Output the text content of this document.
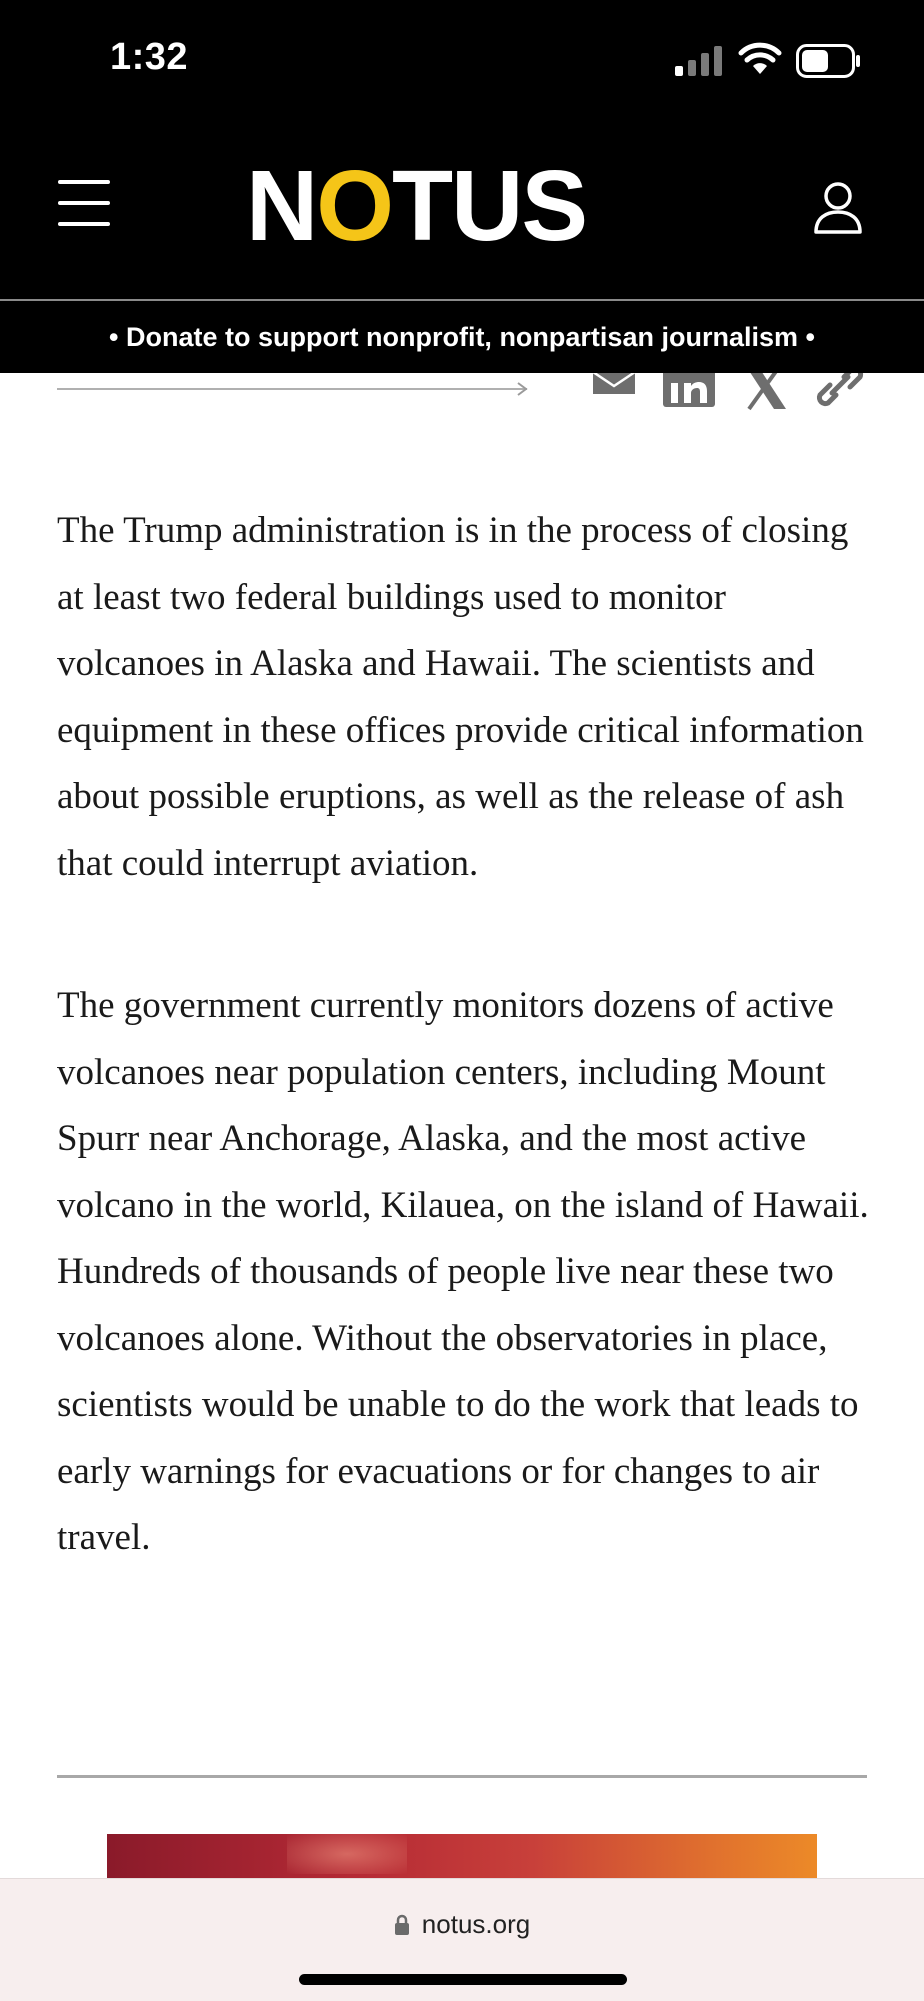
1:32
NOTUS
• Donate to support nonprofit, nonpartisan journalism •

The Trump administration is in the process of closing at least two federal buildings used to monitor volcanoes in Alaska and Hawaii. The scientists and equipment in these offices provide critical information about possible eruptions, as well as the release of ash that could interrupt aviation.

The government currently monitors dozens of active volcanoes near population centers, including Mount Spurr near Anchorage, Alaska, and the most active volcano in the world, Kilauea, on the island of Hawaii. Hundreds of thousands of people live near these two volcanoes alone. Without the observatories in place, scientists would be unable to do the work that leads to early warnings for evacuations or for changes to air travel.

notus.org
